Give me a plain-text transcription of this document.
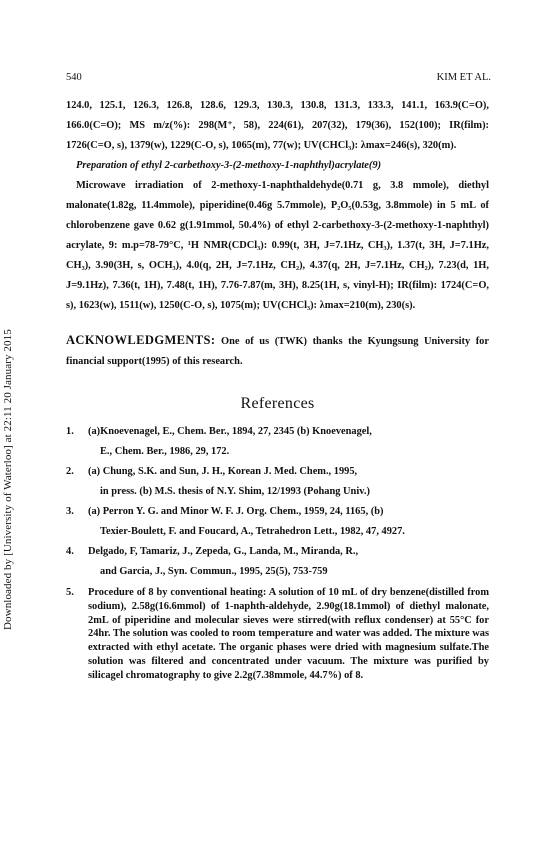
Downloaded by [University of Waterloo] at 22:11 20 January 2015
540	KIM ET AL.

124.0, 125.1, 126.3, 126.8, 128.6, 129.3, 130.3, 130.8, 131.3, 133.3, 141.1, 163.9(C=O), 166.0(C=O); MS m/z(%): 298(M⁺, 58), 224(61), 207(32), 179(36), 152(100); IR(film): 1726(C=O, s), 1379(w), 1229(C-O, s), 1065(m), 77(w); UV(CHCl₃): λmax=246(s), 320(m).

Preparation of ethyl 2-carbethoxy-3-(2-methoxy-1-naphthyl)acrylate(9)

Microwave irradiation of 2-methoxy-1-naphthaldehyde(0.71 g, 3.8 mmole), diethyl malonate(1.82g, 11.4mmole), piperidine(0.46g 5.7mmole), P₂O₅(0.53g, 3.8mmole) in 5 mL of chlorobenzene gave 0.62 g(1.91mmol, 50.4%) of ethyl 2-carbethoxy-3-(2-methoxy-1-naphthyl) acrylate, 9: m.p=78-79°C, ¹H NMR(CDCl₃): 0.99(t, 3H, J=7.1Hz, CH₃), 1.37(t, 3H, J=7.1Hz, CH₃), 3.90(3H, s, OCH₃), 4.0(q, 2H, J=7.1Hz, CH₂), 4.37(q, 2H, J=7.1Hz, CH₂), 7.23(d, 1H, J=9.1Hz), 7.36(t, 1H), 7.48(t, 1H), 7.76-7.87(m, 3H), 8.25(1H, s, vinyl-H); IR(film): 1724(C=O, s), 1623(w), 1511(w), 1250(C-O, s), 1075(m); UV(CHCl₃): λmax=210(m), 230(s).

ACKNOWLEDGMENTS: One of us (TWK) thanks the Kyungsung University for financial support(1995) of this research.

References
1.	(a)Knoevenagel, E., Chem. Ber., 1894, 27, 2345 (b) Knoevenagel,
E., Chem. Ber., 1986, 29, 172.
2.	(a) Chung, S.K. and Sun, J. H., Korean J. Med. Chem., 1995,
in press. (b) M.S. thesis of N.Y. Shim, 12/1993 (Pohang Univ.)
3.	(a) Perron Y. G. and Minor W. F. J. Org. Chem., 1959, 24, 1165, (b)
Texier-Boulett, F. and Foucard, A., Tetrahedron Lett., 1982, 47, 4927.
4.	Delgado, F, Tamariz, J., Zepeda, G., Landa, M., Miranda, R.,
and Garcia, J., Syn. Commun., 1995, 25(5), 753-759
5.	Procedure of 8 by conventional heating: A solution of 10 mL of dry benzene(distilled from sodium), 2.58g(16.6mmol) of 1-naphth-aldehyde, 2.90g(18.1mmol) of diethyl malonate, 2mL of piperidine and molecular sieves were stirred(with reflux condenser) at 55°C for 24hr. The solution was cooled to room temperature and water was added. The mixture was extracted with ethyl acetate. The organic phases were dried with magnesium sulfate.The solution was filtered and concentrated under vacuum. The mixture was purified by silicagel chromatography to give 2.2g(7.38mmole, 44.7%) of 8.
